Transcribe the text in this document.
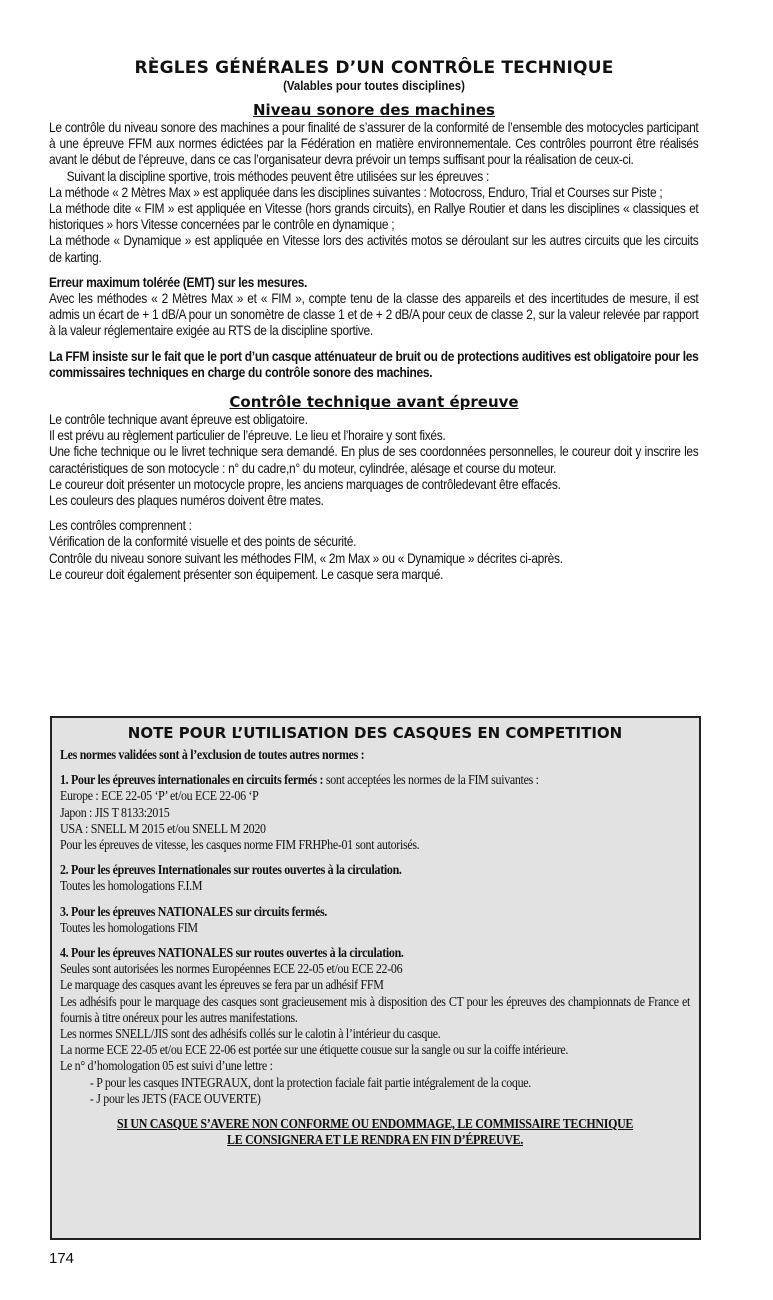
RÈGLES GÉNÉRALES D’UN CONTRÔLE TECHNIQUE
(Valables pour toutes disciplines)
Niveau sonore des machines

Le contrôle du niveau sonore des machines a pour finalité de s’assurer de la conformité de l’ensemble des motocycles participant à une épreuve FFM aux normes édictées par la Fédération en matière environnementale. Ces contrôles pourront être réalisés avant le début de l’épreuve, dans ce cas l’organisateur devra prévoir un temps suffisant pour la réalisation de ceux-ci.

Suivant la discipline sportive, trois méthodes peuvent être utilisées sur les épreuves :

La méthode « 2 Mètres Max » est appliquée dans les disciplines suivantes : Motocross, Enduro, Trial et Courses sur Piste ;

La méthode dite « FIM » est appliquée en Vitesse (hors grands circuits), en Rallye Routier et dans les disciplines « classiques et historiques » hors Vitesse concernées par le contrôle en dynamique ;

La méthode « Dynamique » est appliquée en Vitesse lors des activités motos se déroulant sur les autres circuits que les circuits de karting.

Erreur maximum tolérée (EMT) sur les mesures.

Avec les méthodes « 2 Mètres Max » et « FIM », compte tenu de la classe des appareils et des incertitudes de mesure, il est admis un écart de + 1 dB/A pour un sonomètre de classe 1 et de + 2 dB/A pour ceux de classe 2, sur la valeur relevée par rapport à la valeur réglementaire exigée au RTS de la discipline sportive.

La FFM insiste sur le fait que le port d’un casque atténuateur de bruit ou de protections auditives est obligatoire pour les commissaires techniques en charge du contrôle sonore des machines.

Contrôle technique avant épreuve

Le contrôle technique avant épreuve est obligatoire.

Il est prévu au règlement particulier de l’épreuve. Le lieu et l’horaire y sont fixés.

Une fiche technique ou le livret technique sera demandé. En plus de ses coordonnées personnelles, le coureur doit y inscrire les caractéristiques de son motocycle : n° du cadre,n° du moteur, cylindrée, alésage et course du moteur.

Le coureur doit présenter un motocycle propre, les anciens marquages de contrôledevant être effacés.

Les couleurs des plaques numéros doivent être mates.

Les contrôles comprennent :

Vérification de la conformité visuelle et des points de sécurité.

Contrôle du niveau sonore suivant les méthodes FIM, « 2m Max » ou « Dynamique » décrites ci-après.

Le coureur doit également présenter son équipement. Le casque sera marqué.

NOTE POUR L’UTILISATION DES CASQUES EN COMPETITION

Les normes validées sont à l’exclusion de toutes autres normes :

1. Pour les épreuves internationales en circuits fermés : sont acceptées les normes de la FIM suivantes :

Europe : ECE 22-05 ‘P’ et/ou ECE 22-06 ‘P

Japon : JIS T 8133:2015

USA : SNELL M 2015 et/ou SNELL M 2020

Pour les épreuves de vitesse, les casques norme FIM FRHPhe-01 sont autorisés.

2. Pour les épreuves Internationales sur routes ouvertes à la circulation.

Toutes les homologations F.I.M

3. Pour les épreuves NATIONALES sur circuits fermés.

Toutes les homologations FIM

4. Pour les épreuves NATIONALES sur routes ouvertes à la circulation.

Seules sont autorisées les normes Européennes ECE 22-05 et/ou ECE 22-06

Le marquage des casques avant les épreuves se fera par un adhésif FFM

Les adhésifs pour le marquage des casques sont gracieusement mis à disposition des CT pour les épreuves des championnats de France et fournis à titre onéreux pour les autres manifestations.

Les normes SNELL/JIS sont des adhésifs collés sur le calotin à l’intérieur du casque.

La norme ECE 22-05 et/ou ECE 22-06 est portée sur une étiquette cousue sur la sangle ou sur la coiffe intérieure.

Le n° d’homologation 05 est suivi d’une lettre :

- P pour les casques INTEGRAUX, dont la protection faciale fait partie intégralement de la coque.

- J pour les JETS (FACE OUVERTE)

SI UN CASQUE S’AVERE NON CONFORME OU ENDOMMAGE, LE COMMISSAIRE TECHNIQUE

LE CONSIGNERA ET LE RENDRA EN FIN D’ÉPREUVE.

174
